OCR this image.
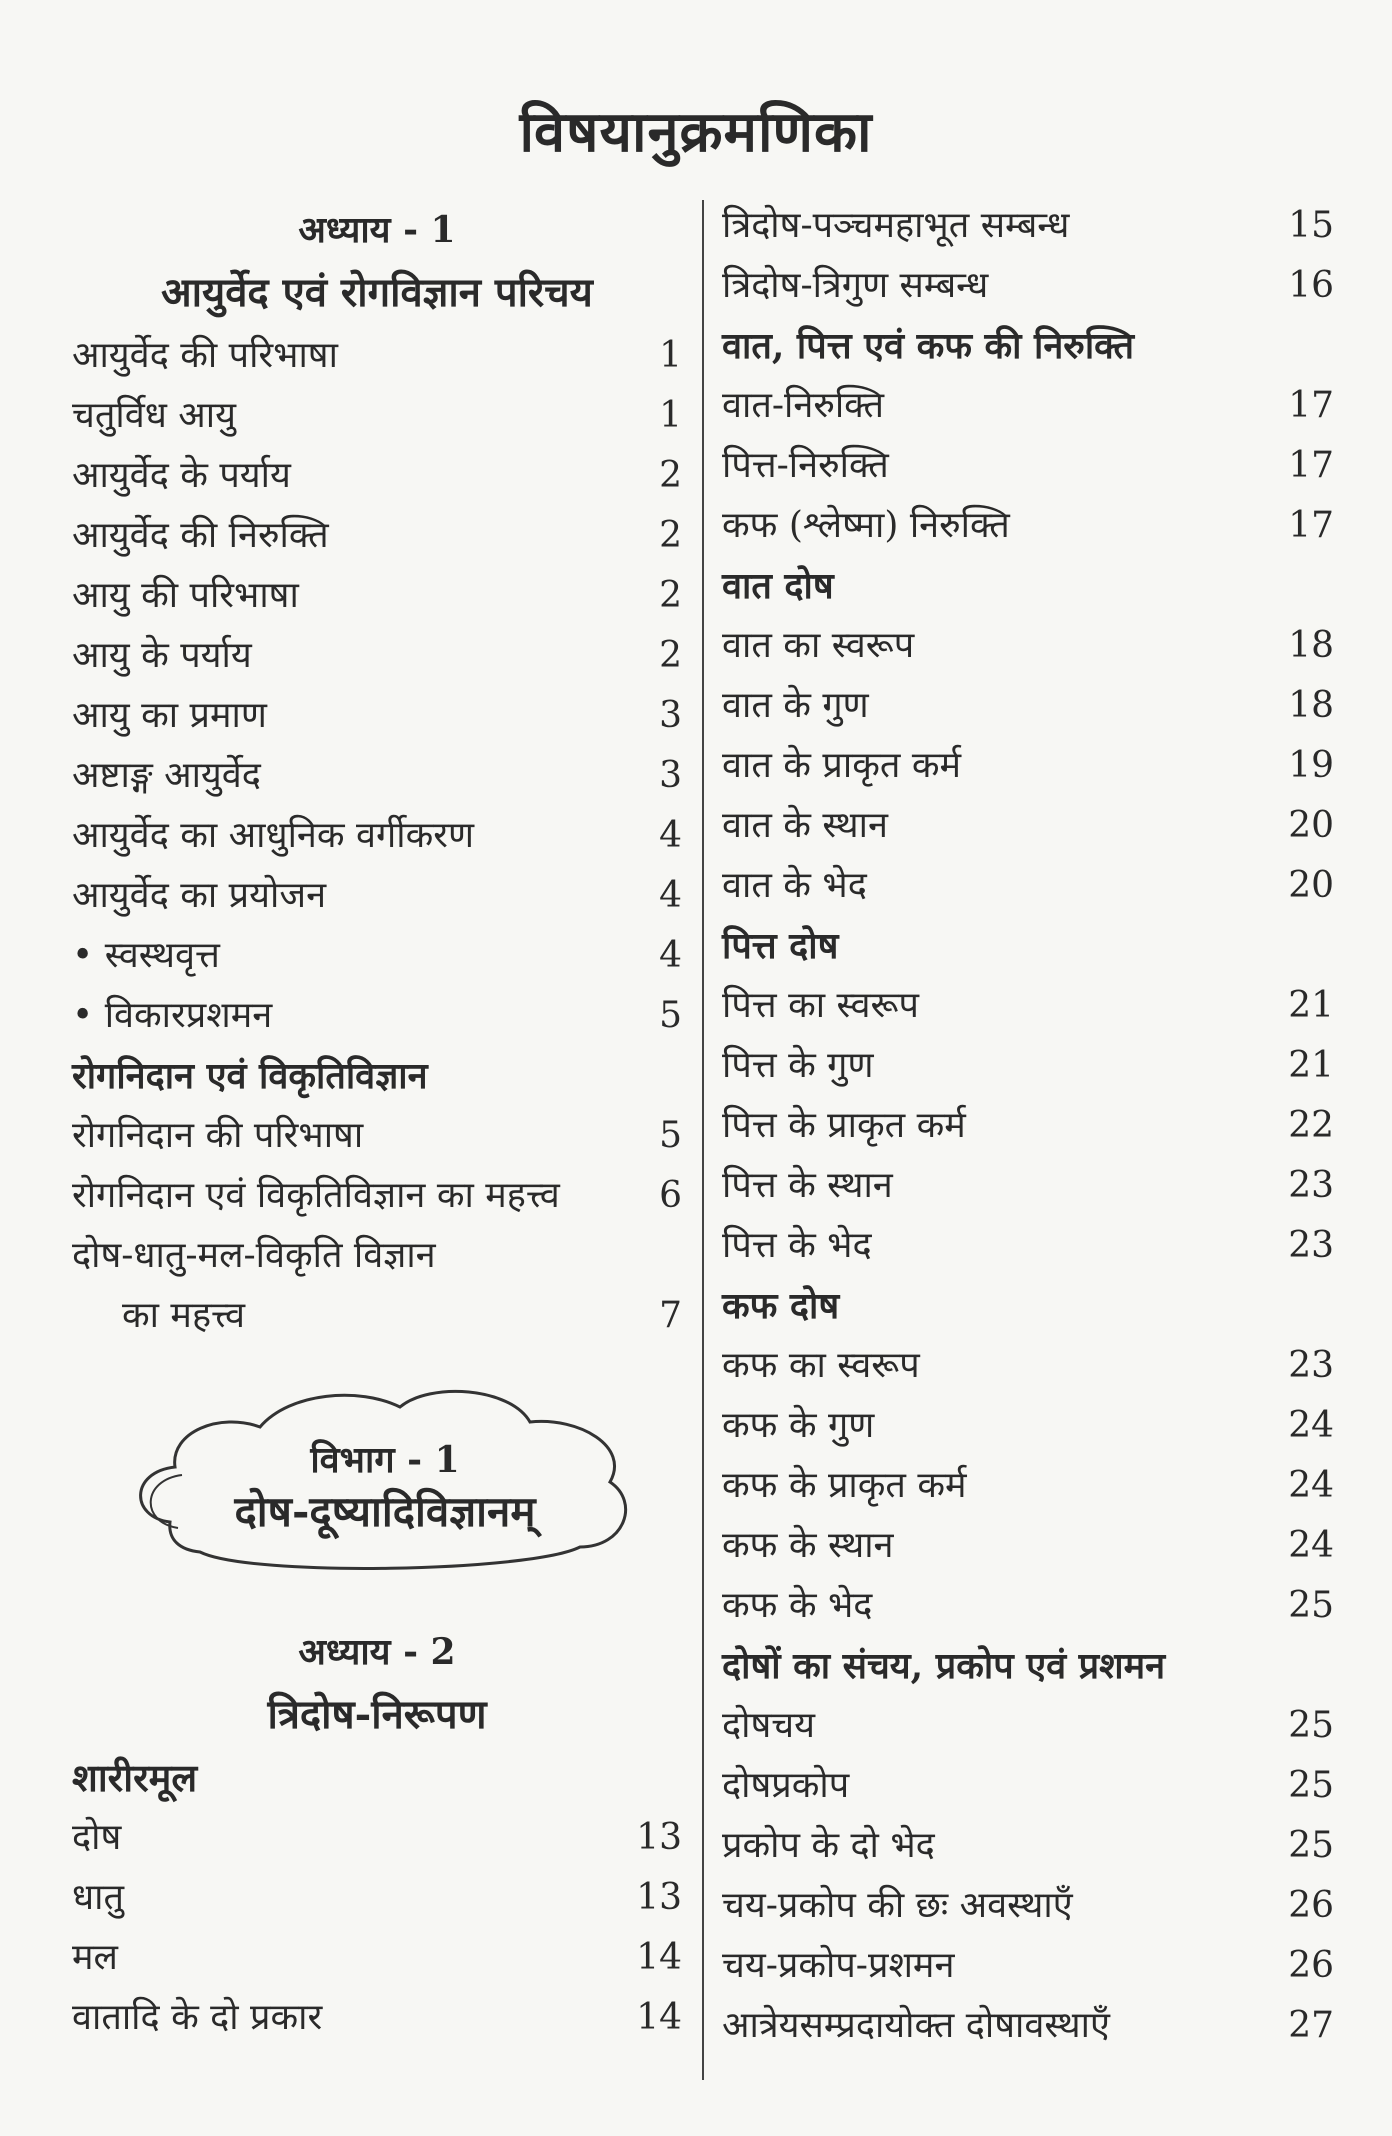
विषयानुक्रमणिका
अध्याय - 1
आयुर्वेद एवं रोगविज्ञान परिचय
आयुर्वेद की परिभाषा	1
चतुर्विध आयु	1
आयुर्वेद के पर्याय	2
आयुर्वेद की निरुक्ति	2
आयु की परिभाषा	2
आयु के पर्याय	2
आयु का प्रमाण	3
अष्टाङ्ग आयुर्वेद	3
आयुर्वेद का आधुनिक वर्गीकरण	4
आयुर्वेद का प्रयोजन	4
• स्वस्थवृत्त	4
• विकारप्रशमन	5
रोगनिदान एवं विकृतिविज्ञान
रोगनिदान की परिभाषा	5
रोगनिदान एवं विकृतिविज्ञान का महत्त्व	6
दोष-धातु-मल-विकृति विज्ञान
का महत्त्व	7
विभाग - 1
दोष-दूष्यादिविज्ञानम्
अध्याय - 2
त्रिदोष-निरूपण
शारीरमूल
दोष	13
धातु	13
मल	14
वातादि के दो प्रकार	14
त्रिदोष-पञ्चमहाभूत सम्बन्ध	15
त्रिदोष-त्रिगुण सम्बन्ध	16
वात, पित्त एवं कफ की निरुक्ति
वात-निरुक्ति	17
पित्त-निरुक्ति	17
कफ (श्लेष्मा) निरुक्ति	17
वात दोष
वात का स्वरूप	18
वात के गुण	18
वात के प्राकृत कर्म	19
वात के स्थान	20
वात के भेद	20
पित्त दोष
पित्त का स्वरूप	21
पित्त के गुण	21
पित्त के प्राकृत कर्म	22
पित्त के स्थान	23
पित्त के भेद	23
कफ दोष
कफ का स्वरूप	23
कफ के गुण	24
कफ के प्राकृत कर्म	24
कफ के स्थान	24
कफ के भेद	25
दोषों का संचय, प्रकोप एवं प्रशमन
दोषचय	25
दोषप्रकोप	25
प्रकोप के दो भेद	25
चय-प्रकोप की छः अवस्थाएँ	26
चय-प्रकोप-प्रशमन	26
आत्रेयसम्प्रदायोक्त दोषावस्थाएँ	27
